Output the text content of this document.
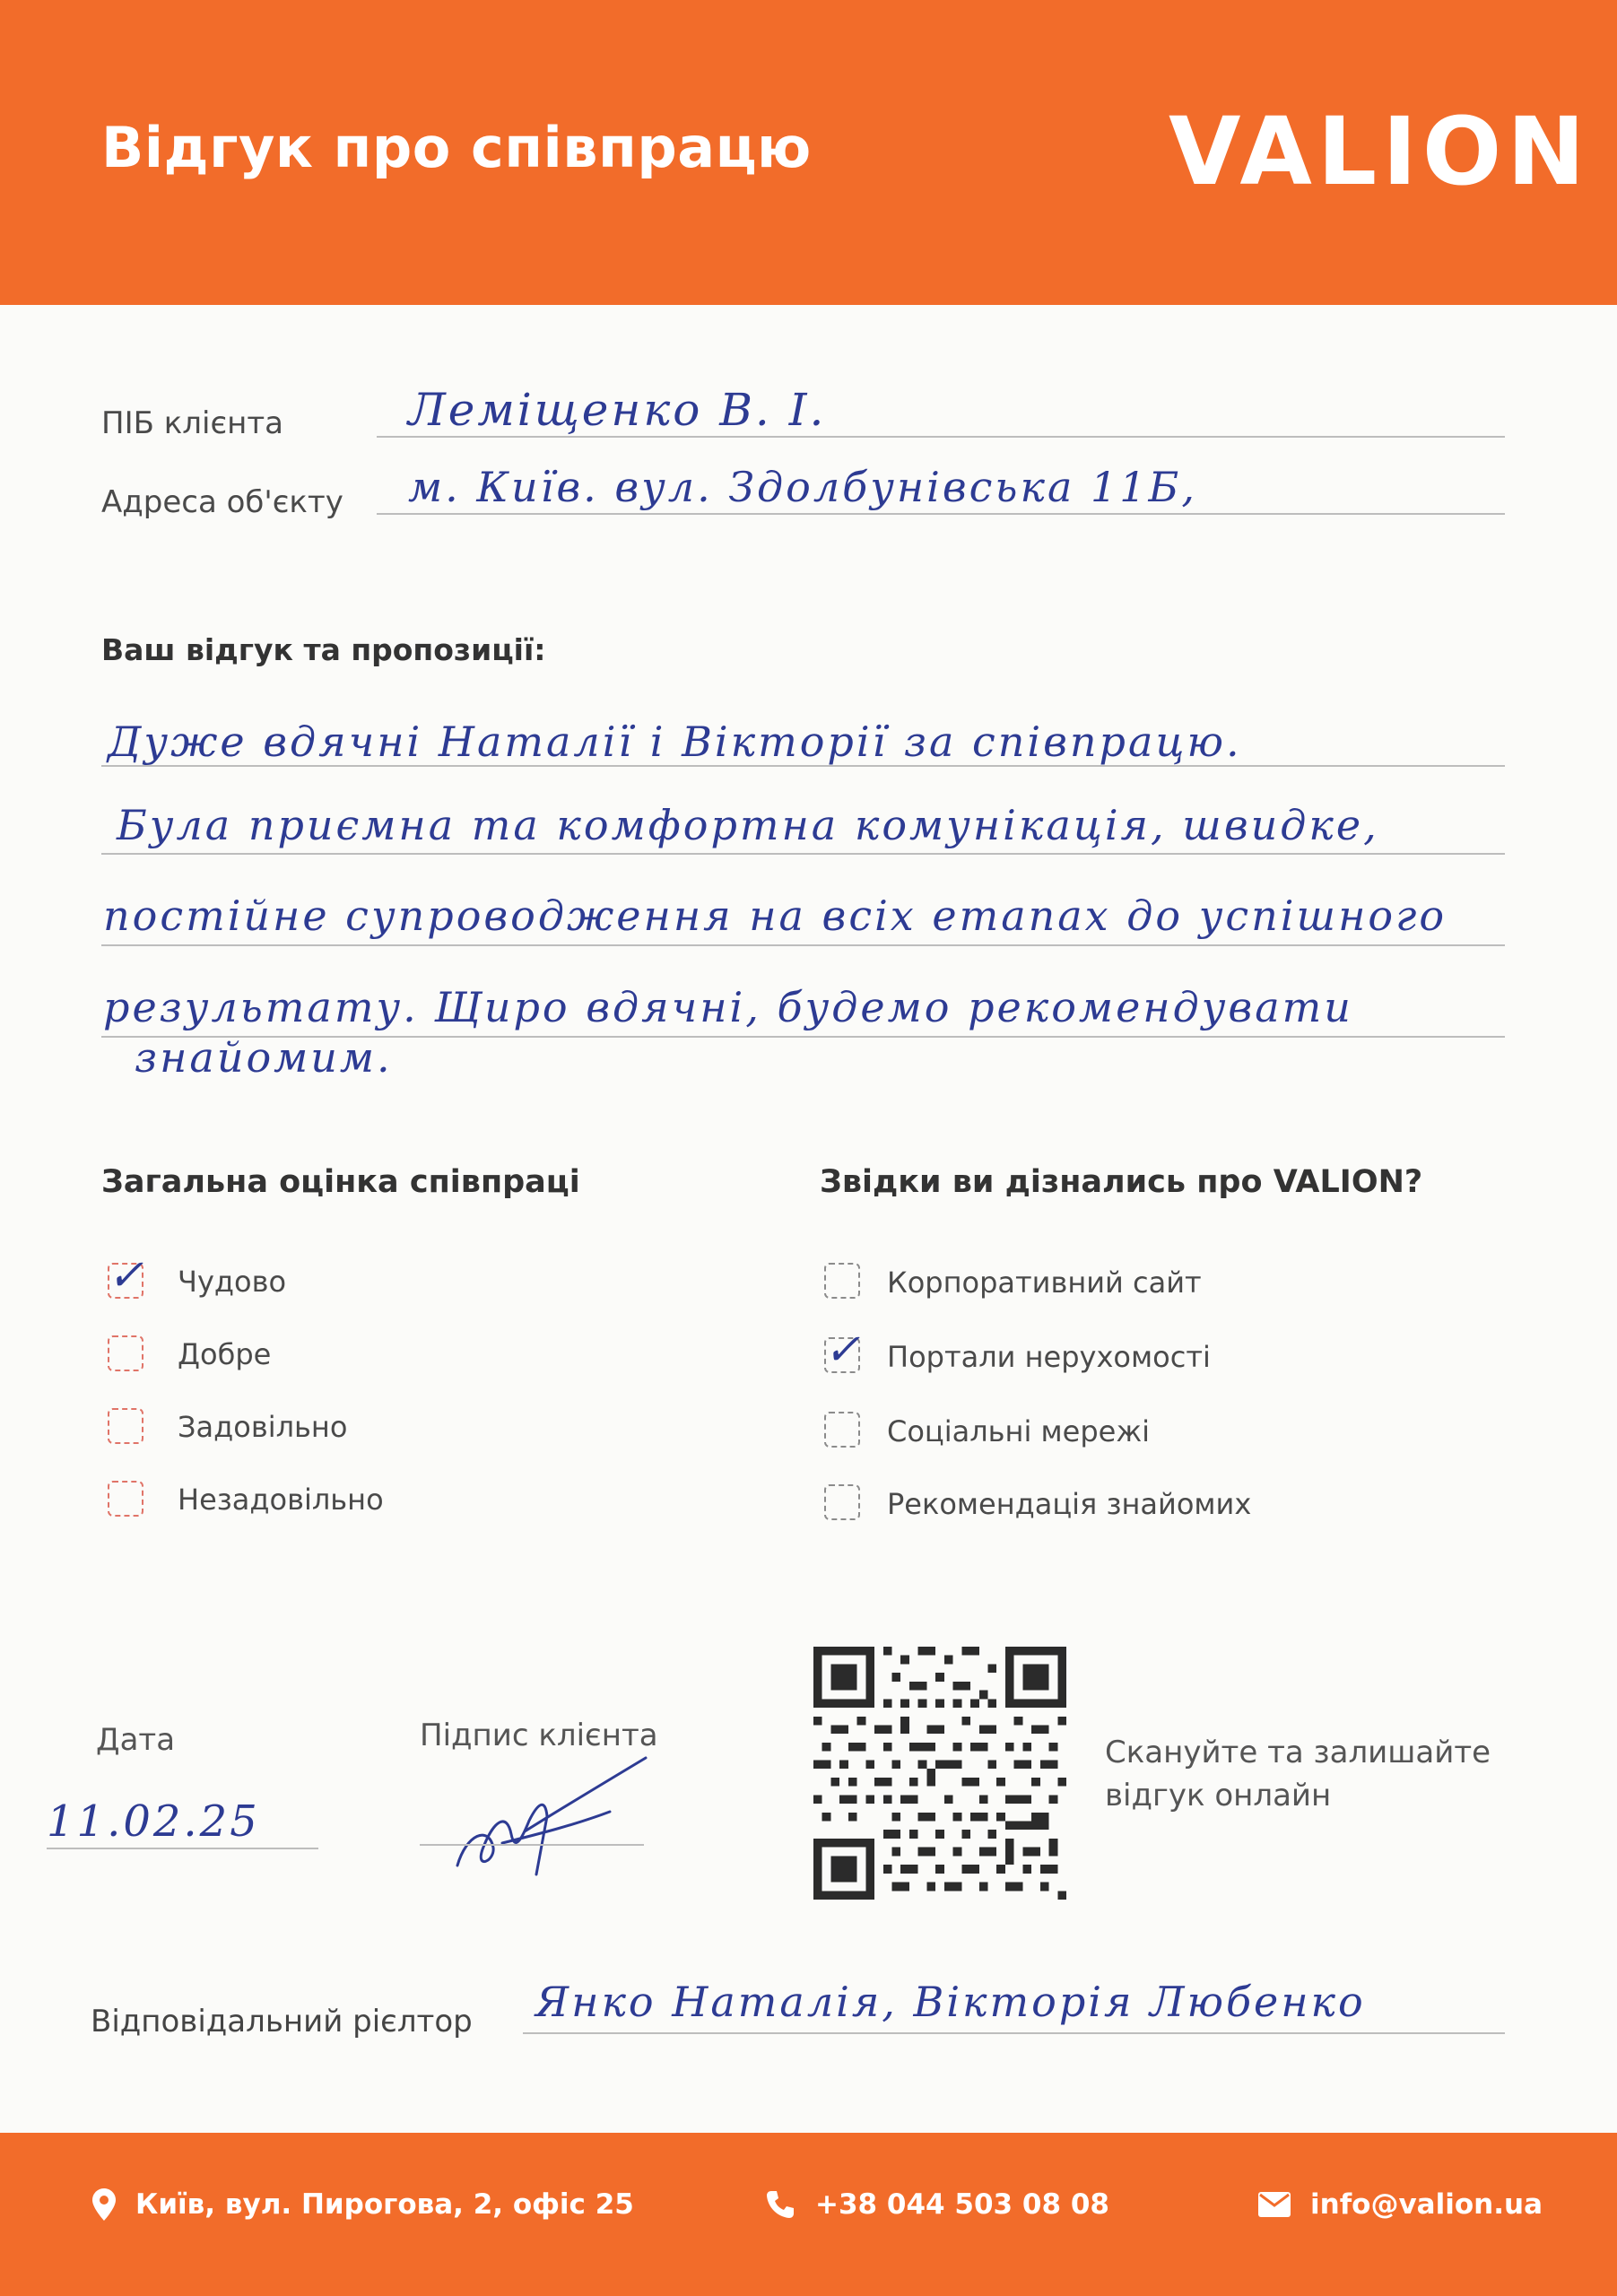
Відгук про співпрацю	VALION
ПІБ клієнта	Леміщенко В. І.
Адреса об'єкту м. Київ. вул. Здолбунівська 11Б,
Ваш відгук та пропозиції:
Дуже вдячні Наталії і Вікторії за співпрацю.
Була приємна та комфортна комунікація, швидке,
постійне супроводження на всіх етапах до успішного
результату. Щиро вдячні, будемо рекомендувати
знайомим.
Загальна оцінка співпраці
✓ Чудово
Добре
Задовільно
Незадовільно
Звідки ви дізнались про VALION?
Корпоративний сайт
✓ Портали нерухомості
Соціальні мережі
Рекомендація знайомих
Дата
11.02.25
Підпис клієнта	Скануйте та залишайте
відгук онлайн
Відповідальний рієлтор Янко Наталія, Вікторія Любенко
Київ, вул. Пирогова, 2, офіс 25	+38 044 503 08 08	info@valion.ua
